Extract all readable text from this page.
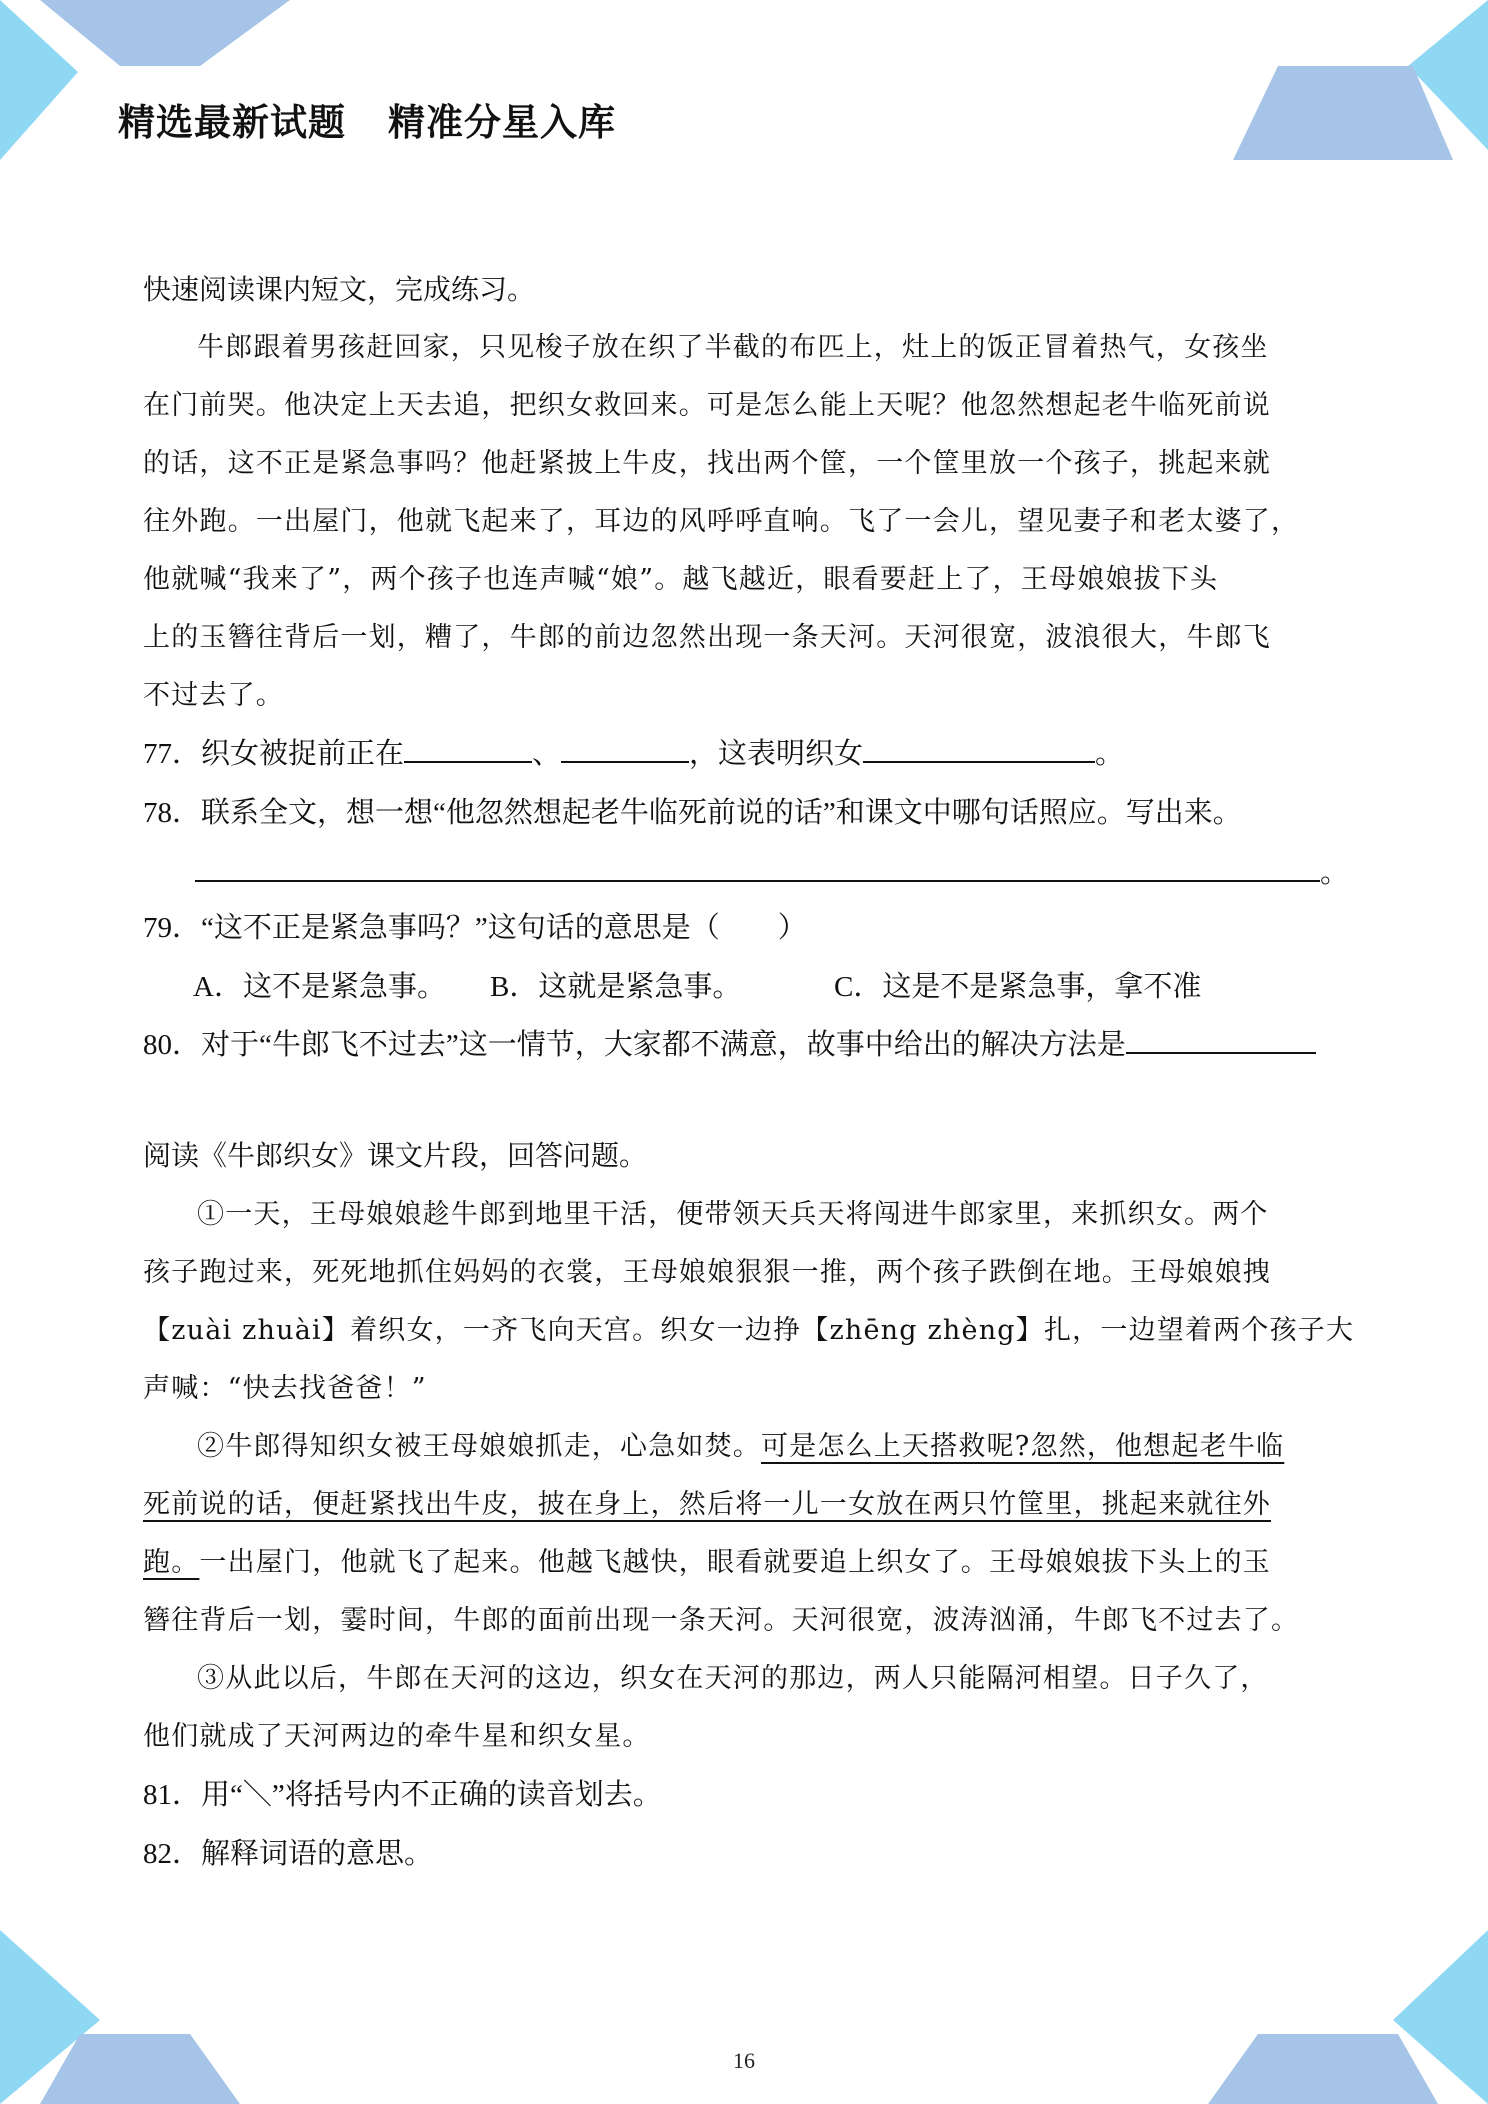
精选最新试题 精准分星入库
快速阅读课内短文，完成练习。
牛郎跟着男孩赶回家，只见梭子放在织了半截的布匹上，灶上的饭正冒着热气，女孩坐
在门前哭。他决定上天去追，把织女救回来。可是怎么能上天呢？他忽然想起老牛临死前说
的话，这不正是紧急事吗？他赶紧披上牛皮，找出两个筐，一个筐里放一个孩子，挑起来就
往外跑。一出屋门，他就飞起来了，耳边的风呼呼直响。飞了一会儿，望见妻子和老太婆了，
他就喊“我来了”，两个孩子也连声喊“娘”。越飞越近，眼看要赶上了，王母娘娘拔下头
上的玉簪往背后一划，糟了，牛郎的前边忽然出现一条天河。天河很宽，波浪很大，牛郎飞
不过去了。
77．织女被捉前正在	、	，这表明织女	。
78．联系全文，想一想“他忽然想起老牛临死前说的话”和课文中哪句话照应。写出来。
。
79．“这不正是紧急事吗？”这句话的意思是（　　）
A．这不是紧急事。 B．这就是紧急事。	C．这是不是紧急事，拿不准
80．对于“牛郎飞不过去”这一情节，大家都不满意，故事中给出的解决方法是
阅读《牛郎织女》课文片段，回答问题。
①一天，王母娘娘趁牛郎到地里干活，便带领天兵天将闯进牛郎家里，来抓织女。两个
孩子跑过来，死死地抓住妈妈的衣裳，王母娘娘狠狠一推，两个孩子跌倒在地。王母娘娘拽
【zuài zhuài】着织女，一齐飞向天宫。织女一边挣【zhēng zhèng】扎，一边望着两个孩子大
声喊：“快去找爸爸！”
②牛郎得知织女被王母娘娘抓走，心急如焚。可是怎么上天搭救呢?忽然，他想起老牛临
死前说的话，便赶紧找出牛皮，披在身上，然后将一儿一女放在两只竹筐里，挑起来就往外
跑。一出屋门，他就飞了起来。他越飞越快，眼看就要追上织女了。王母娘娘拔下头上的玉
簪往背后一划，霎时间，牛郎的面前出现一条天河。天河很宽，波涛汹涌，牛郎飞不过去了。
③从此以后，牛郎在天河的这边，织女在天河的那边，两人只能隔河相望。日子久了，
他们就成了天河两边的牵牛星和织女星。
81．用“＼”将括号内不正确的读音划去。
82．解释词语的意思。
16
